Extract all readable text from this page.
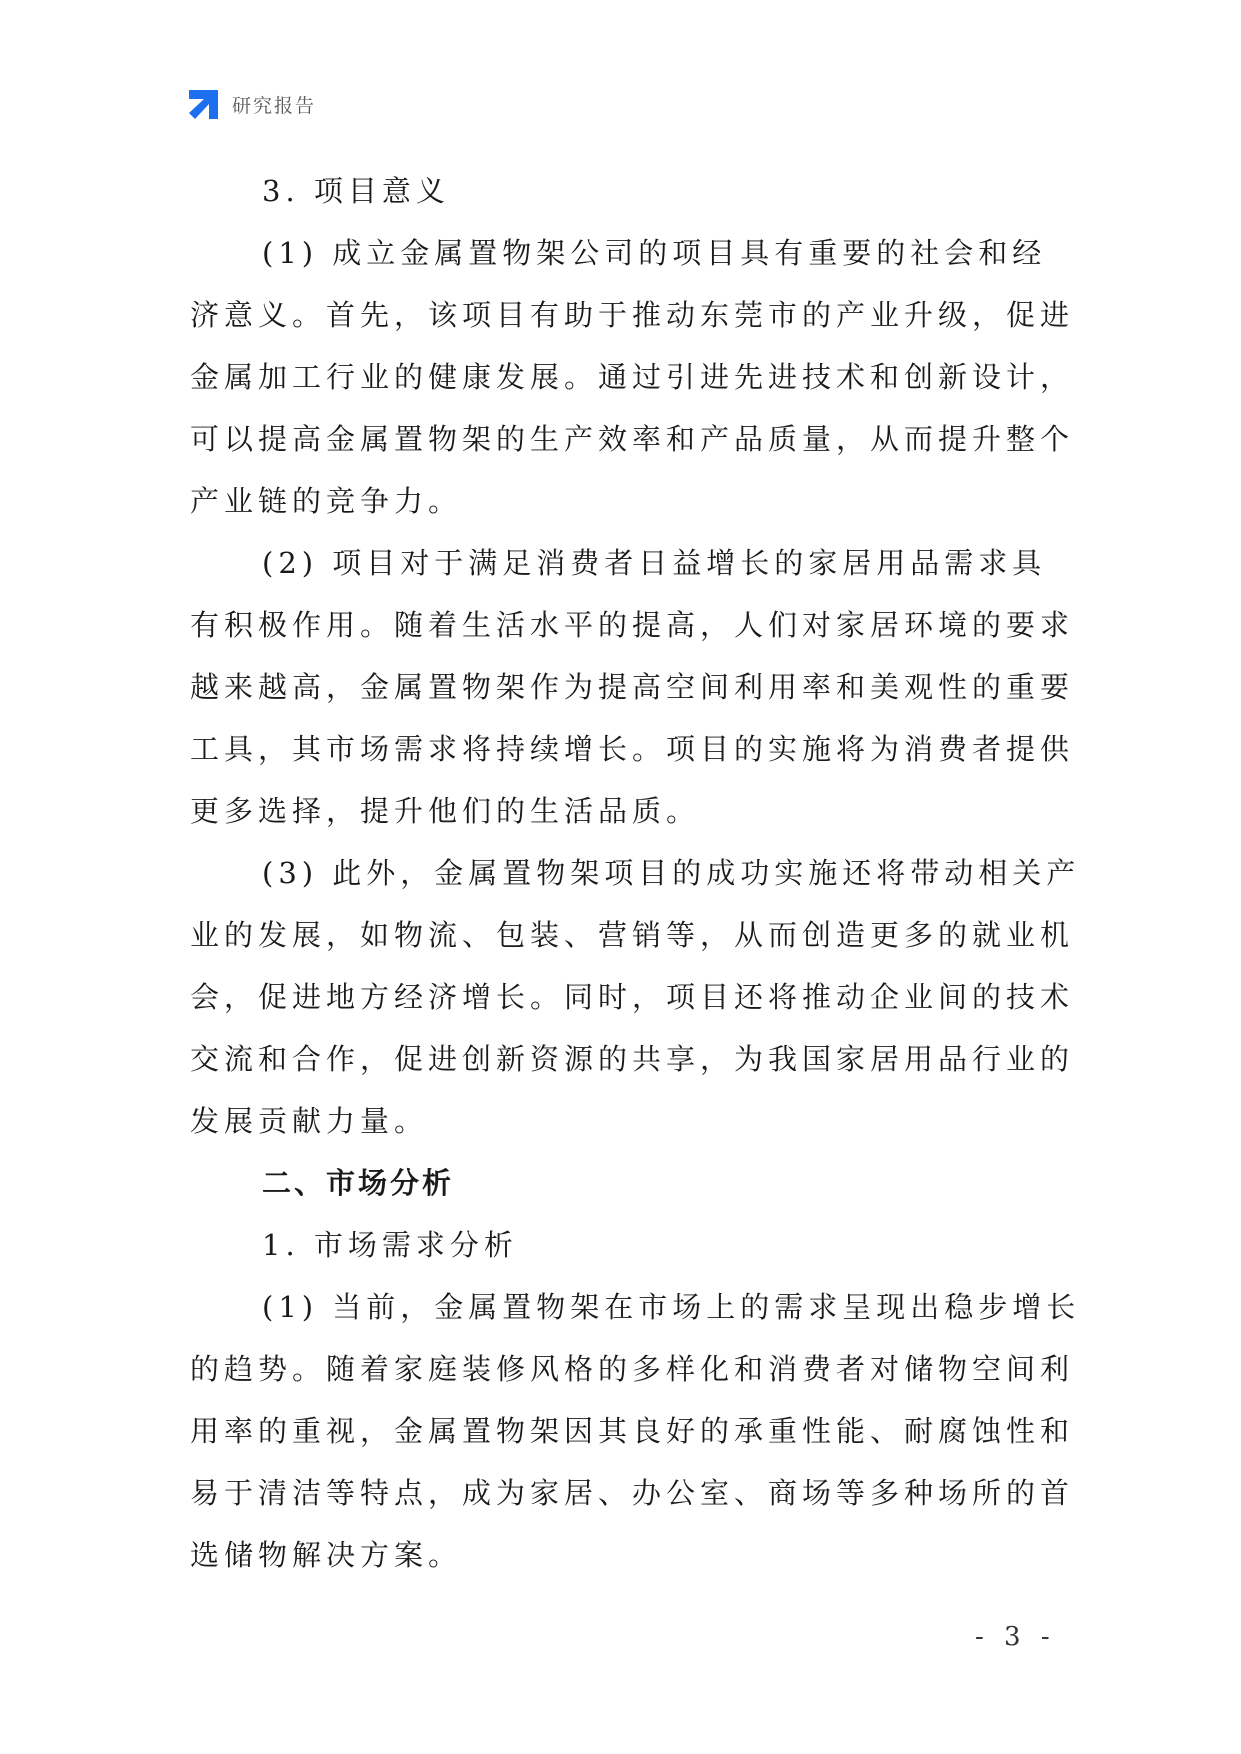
研究报告
3. 项目意义
(1) 成立金属置物架公司的项目具有重要的社会和经
济意义。首先，该项目有助于推动东莞市的产业升级，促进
金属加工行业的健康发展。通过引进先进技术和创新设计，
可以提高金属置物架的生产效率和产品质量，从而提升整个
产业链的竞争力。
(2) 项目对于满足消费者日益增长的家居用品需求具
有积极作用。随着生活水平的提高，人们对家居环境的要求
越来越高，金属置物架作为提高空间利用率和美观性的重要
工具，其市场需求将持续增长。项目的实施将为消费者提供
更多选择，提升他们的生活品质。
(3) 此外，金属置物架项目的成功实施还将带动相关产
业的发展，如物流、包装、营销等，从而创造更多的就业机
会，促进地方经济增长。同时，项目还将推动企业间的技术
交流和合作，促进创新资源的共享，为我国家居用品行业的
发展贡献力量。
二、市场分析
1. 市场需求分析
(1) 当前，金属置物架在市场上的需求呈现出稳步增长
的趋势。随着家庭装修风格的多样化和消费者对储物空间利
用率的重视，金属置物架因其良好的承重性能、耐腐蚀性和
易于清洁等特点，成为家居、办公室、商场等多种场所的首
选储物解决方案。
- 3 -
